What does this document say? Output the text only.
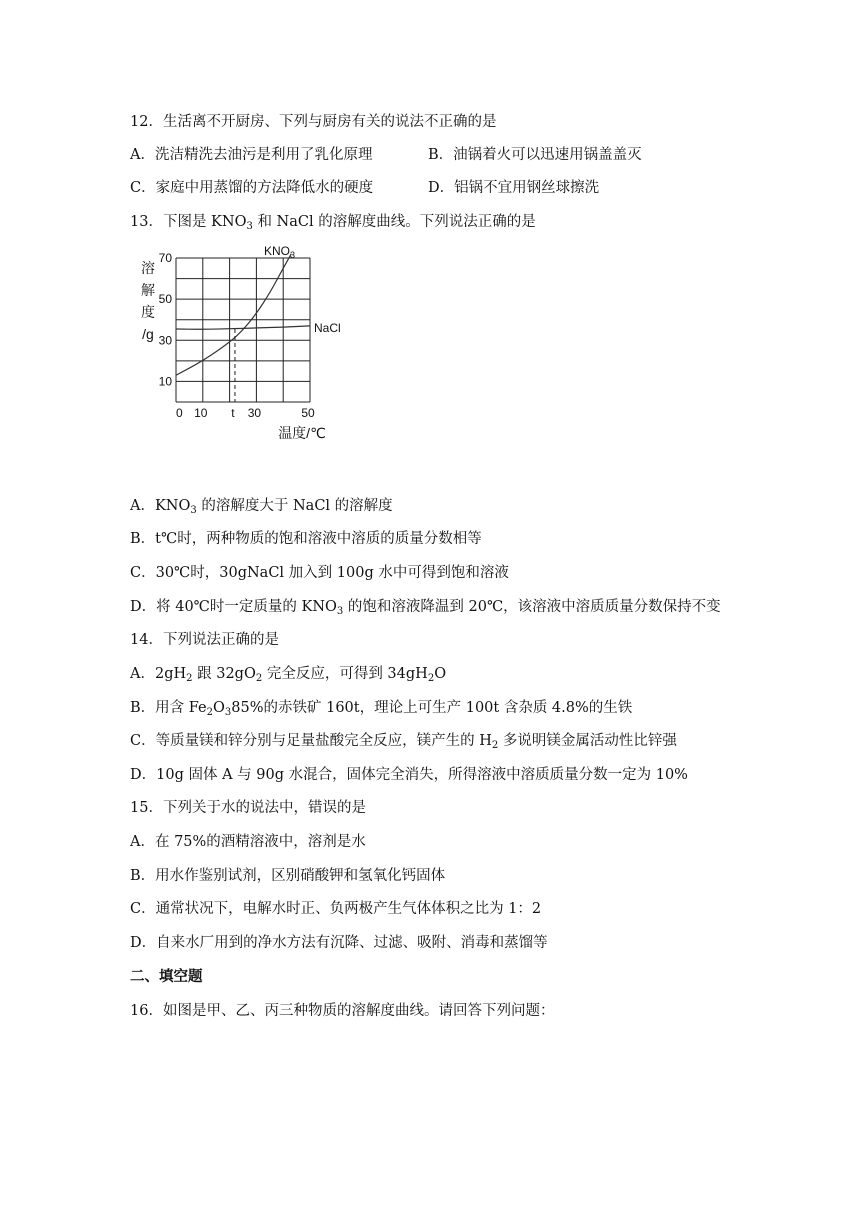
12．生活离不开厨房、下列与厨房有关的说法不正确的是
A．洗洁精洗去油污是利用了乳化原理	B．油锅着火可以迅速用锅盖盖灭
C．家庭中用蒸馏的方法降低水的硬度	D．铝锅不宜用钢丝球擦洗
13．下图是 $KNO_3$ 和 NaCl 的溶解度曲线。下列说法正确的是
70
50
30
10
0 10 t 30	50
溶
解
度
/g
温度/℃
$KNO_3$
NaCl
A．$KNO_3$ 的溶解度大于 NaCl 的溶解度
B．t℃时，两种物质的饱和溶液中溶质的质量分数相等
C．30℃时，30gNaCl 加入到 100g 水中可得到饱和溶液
D．将 40℃时一定质量的 $KNO_3$ 的饱和溶液降温到 20℃，该溶液中溶质质量分数保持不变
14．下列说法正确的是
A．$2gH_2$ 跟 $32gO_2$ 完全反应，可得到 $34gH_2O$
B．用含 $Fe_2O_385\%$的赤铁矿 160t，理论上可生产 100t 含杂质 4.8%的生铁
C．等质量镁和锌分别与足量盐酸完全反应，镁产生的 $H_2$ 多说明镁金属活动性比锌强
D．10g 固体 A 与 90g 水混合，固体完全消失，所得溶液中溶质质量分数一定为 10%
15．下列关于水的说法中，错误的是
A．在 75%的酒精溶液中，溶剂是水
B．用水作鉴别试剂，区别硝酸钾和氢氧化钙固体
C．通常状况下，电解水时正、负两极产生气体体积之比为 1：2
D．自来水厂用到的净水方法有沉降、过滤、吸附、消毒和蒸馏等
二、填空题
16．如图是甲、乙、丙三种物质的溶解度曲线。请回答下列问题：
